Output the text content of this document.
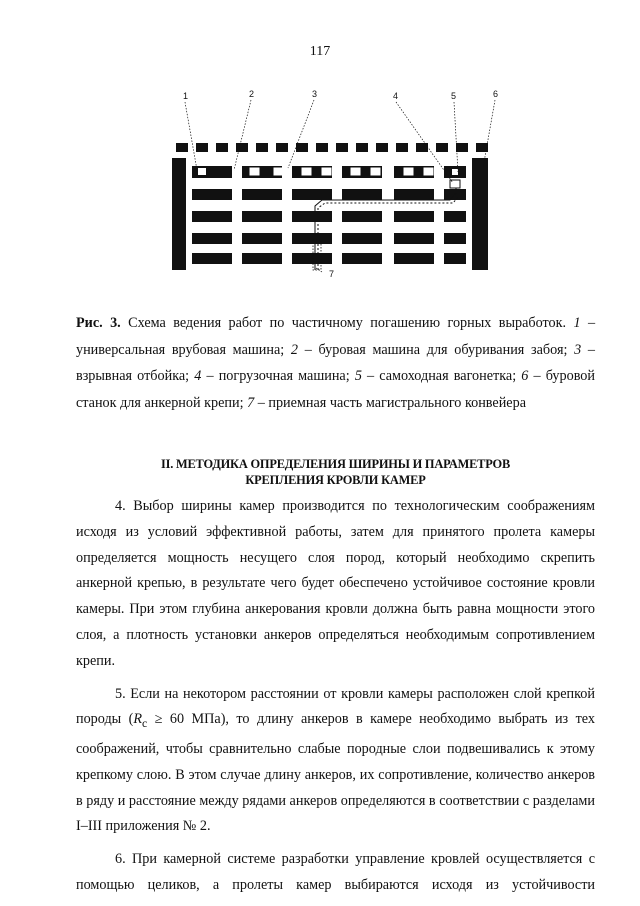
117
1	2	3	4	5	6
7

Рис. 3. Схема ведения работ по частичному погашению горных выработок. 1 – универсальная врубовая машина; 2 – буровая машина для обуривания забоя; 3 – взрывная отбойка; 4 – погрузочная машина; 5 – самоходная вагонетка; 6 – буровой станок для анкерной крепи; 7 – приемная часть магистрального конвейера

II. МЕТОДИКА ОПРЕДЕЛЕНИЯ ШИРИНЫ И ПАРАМЕТРОВ
КРЕПЛЕНИЯ КРОВЛИ КАМЕР

4. Выбор ширины камер производится по технологическим соображениям исходя из условий эффективной работы, затем для принятого пролета камеры определяется мощность несущего слоя пород, который необходимо скрепить анкерной крепью, в результате чего будет обеспечено устойчивое состояние кровли камеры. При этом глубина анкерования кровли должна быть равна мощности этого слоя, а плотность установки анкеров определяться необходимым сопротивлением крепи.

5. Если на некотором расстоянии от кровли камеры расположен слой крепкой породы ($R_c \ge 60$ МПа), то длину анкеров в камере необходимо выбрать из тех соображений, чтобы сравнительно слабые породные слои подвешивались к этому крепкому слою. В этом случае длину анкеров, их сопротивление, количество анкеров в ряду и расстояние между рядами анкеров определяются в соответствии с разделами I–III приложения № 2.

6. При камерной системе разработки управление кровлей осуществляется с помощью целиков, а пролеты камер выбираются исходя из устойчивости
